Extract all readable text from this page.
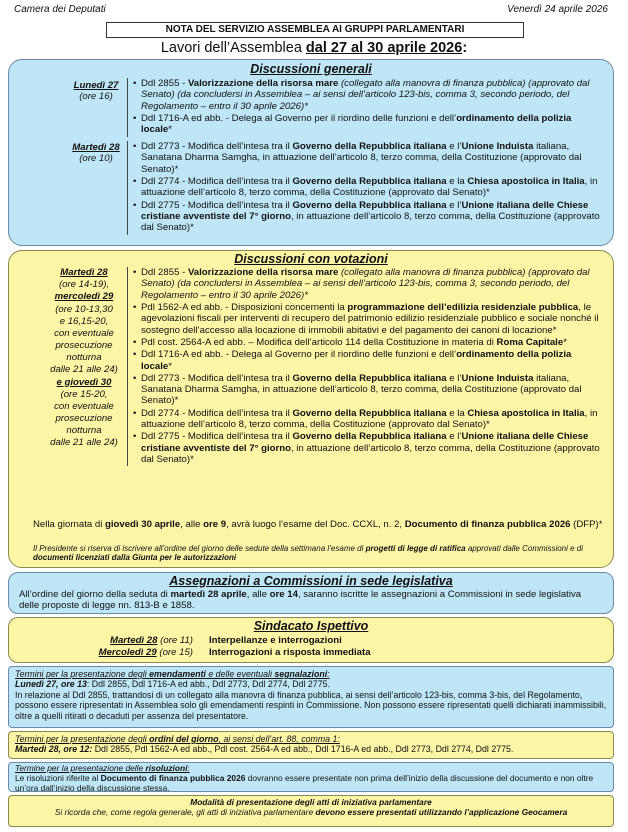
Camera dei Deputati	Venerdì 24 aprile 2026
NOTA DEL SERVIZIO ASSEMBLEA AI GRUPPI PARLAMENTARI
Lavori dell’Assemblea dal 27 al 30 aprile 2026:
Discussioni generali
Lunedì 27
(ore 16)
• Ddl 2855 - Valorizzazione della risorsa mare (collegato alla manovra di finanza pubblica) (approvato dal Senato) (da concludersi in Assemblea – ai sensi dell’articolo 123-bis, comma 3, secondo periodo, del Regolamento – entro il 30 aprile 2026)*
• Ddl 1716-A ed abb. - Delega al Governo per il riordino delle funzioni e dell’ordinamento della polizia locale*
Martedì 28
(ore 10)
• Ddl 2773 - Modifica dell’intesa tra il Governo della Repubblica italiana e l’Unione Induista italiana, Sanatana Dharma Samgha, in attuazione dell’articolo 8, terzo comma, della Costituzione (approvato dal Senato)*
• Ddl 2774 - Modifica dell’intesa tra il Governo della Repubblica italiana e la Chiesa apostolica in Italia, in attuazione dell’articolo 8, terzo comma, della Costituzione (approvato dal Senato)*
• Ddl 2775 - Modifica dell’intesa tra il Governo della Repubblica italiana e l’Unione italiana delle Chiese cristiane avventiste del 7° giorno, in attuazione dell’articolo 8, terzo comma, della Costituzione (approvato dal Senato)*
Discussioni con votazioni
Martedì 28
(ore 14-19),
mercoledì 29
(ore 10-13,30
e 16,15-20,
con eventuale
prosecuzione
notturna
dalle 21 alle 24)
e giovedì 30
(ore 15-20,
con eventuale
prosecuzione
notturna
dalle 21 alle 24)
• Ddl 2855 - Valorizzazione della risorsa mare (collegato alla manovra di finanza pubblica) (approvato dal Senato) (da concludersi in Assemblea – ai sensi dell’articolo 123-bis, comma 3, secondo periodo, del Regolamento – entro il 30 aprile 2026)*
• Pdl 1562-A ed abb. - Disposizioni concernenti la programmazione dell’edilizia residenziale pubblica, le agevolazioni fiscali per interventi di recupero del patrimonio edilizio residenziale pubblico e sociale nonché il sostegno dell’accesso alla locazione di immobili abitativi e del pagamento dei canoni di locazione*
• Pdl cost. 2564-A ed abb. – Modifica dell’articolo 114 della Costituzione in materia di Roma Capitale*
• Ddl 1716-A ed abb. - Delega al Governo per il riordino delle funzioni e dell’ordinamento della polizia locale*
• Ddl 2773 - Modifica dell’intesa tra il Governo della Repubblica italiana e l’Unione Induista italiana, Sanatana Dharma Samgha, in attuazione dell’articolo 8, terzo comma, della Costituzione (approvato dal Senato)*
• Ddl 2774 - Modifica dell’intesa tra il Governo della Repubblica italiana e la Chiesa apostolica in Italia, in attuazione dell’articolo 8, terzo comma, della Costituzione (approvato dal Senato)*
• Ddl 2775 - Modifica dell’intesa tra il Governo della Repubblica italiana e l’Unione italiana delle Chiese cristiane avventiste del 7° giorno, in attuazione dell’articolo 8, terzo comma, della Costituzione (approvato dal Senato)*
Nella giornata di giovedì 30 aprile, alle ore 9, avrà luogo l’esame del Doc. CCXL, n. 2, Documento di finanza pubblica 2026 (DFP)*
Il Presidente si riserva di iscrivere all’ordine del giorno delle sedute della settimana l’esame di progetti di legge di ratifica approvati dalle Commissioni e di documenti licenziati dalla Giunta per le autorizzazioni
Assegnazioni a Commissioni in sede legislativa
All’ordine del giorno della seduta di martedì 28 aprile, alle ore 14, saranno iscritte le assegnazioni a Commissioni in sede legislativa delle proposte di legge nn. 813-B e 1858.
Sindacato Ispettivo
Martedì 28 (ore 11) Interpellanze e interrogazioni
Mercoledì 29 (ore 15) Interrogazioni a risposta immediata
Termini per la presentazione degli emendamenti e delle eventuali segnalazioni:
Lunedì 27, ore 13: Ddl 2855, Ddl 1716-A ed abb., Ddl 2773, Ddl 2774, Ddl 2775.
In relazione al Ddl 2855, trattandosi di un collegato alla manovra di finanza pubblica, ai sensi dell’articolo 123-bis, comma 3-bis, del Regolamento, possono essere ripresentati in Assemblea solo gli emendamenti respinti in Commissione. Non possono essere ripresentati quelli dichiarati inammissibili, oltre a quelli ritirati o decaduti per assenza del presentatore.
Termini per la presentazione degli ordini del giorno, ai sensi dell’art. 88, comma 1:
Martedì 28, ore 12: Ddl 2855, Pdl 1562-A ed abb., Pdl cost. 2564-A ed abb., Ddl 1716-A ed abb., Ddl 2773, Ddl 2774, Ddl 2775.
Termine per la presentazione delle risoluzioni:
Le risoluzioni riferite al Documento di finanza pubblica 2026 dovranno essere presentate non prima dell’inizio della discussione del documento e non oltre un’ora dall’inizio della discussione stessa.
Modalità di presentazione degli atti di iniziativa parlamentare
Si ricorda che, come regola generale, gli atti di iniziativa parlamentare devono essere presentati utilizzando l’applicazione Geocamera
